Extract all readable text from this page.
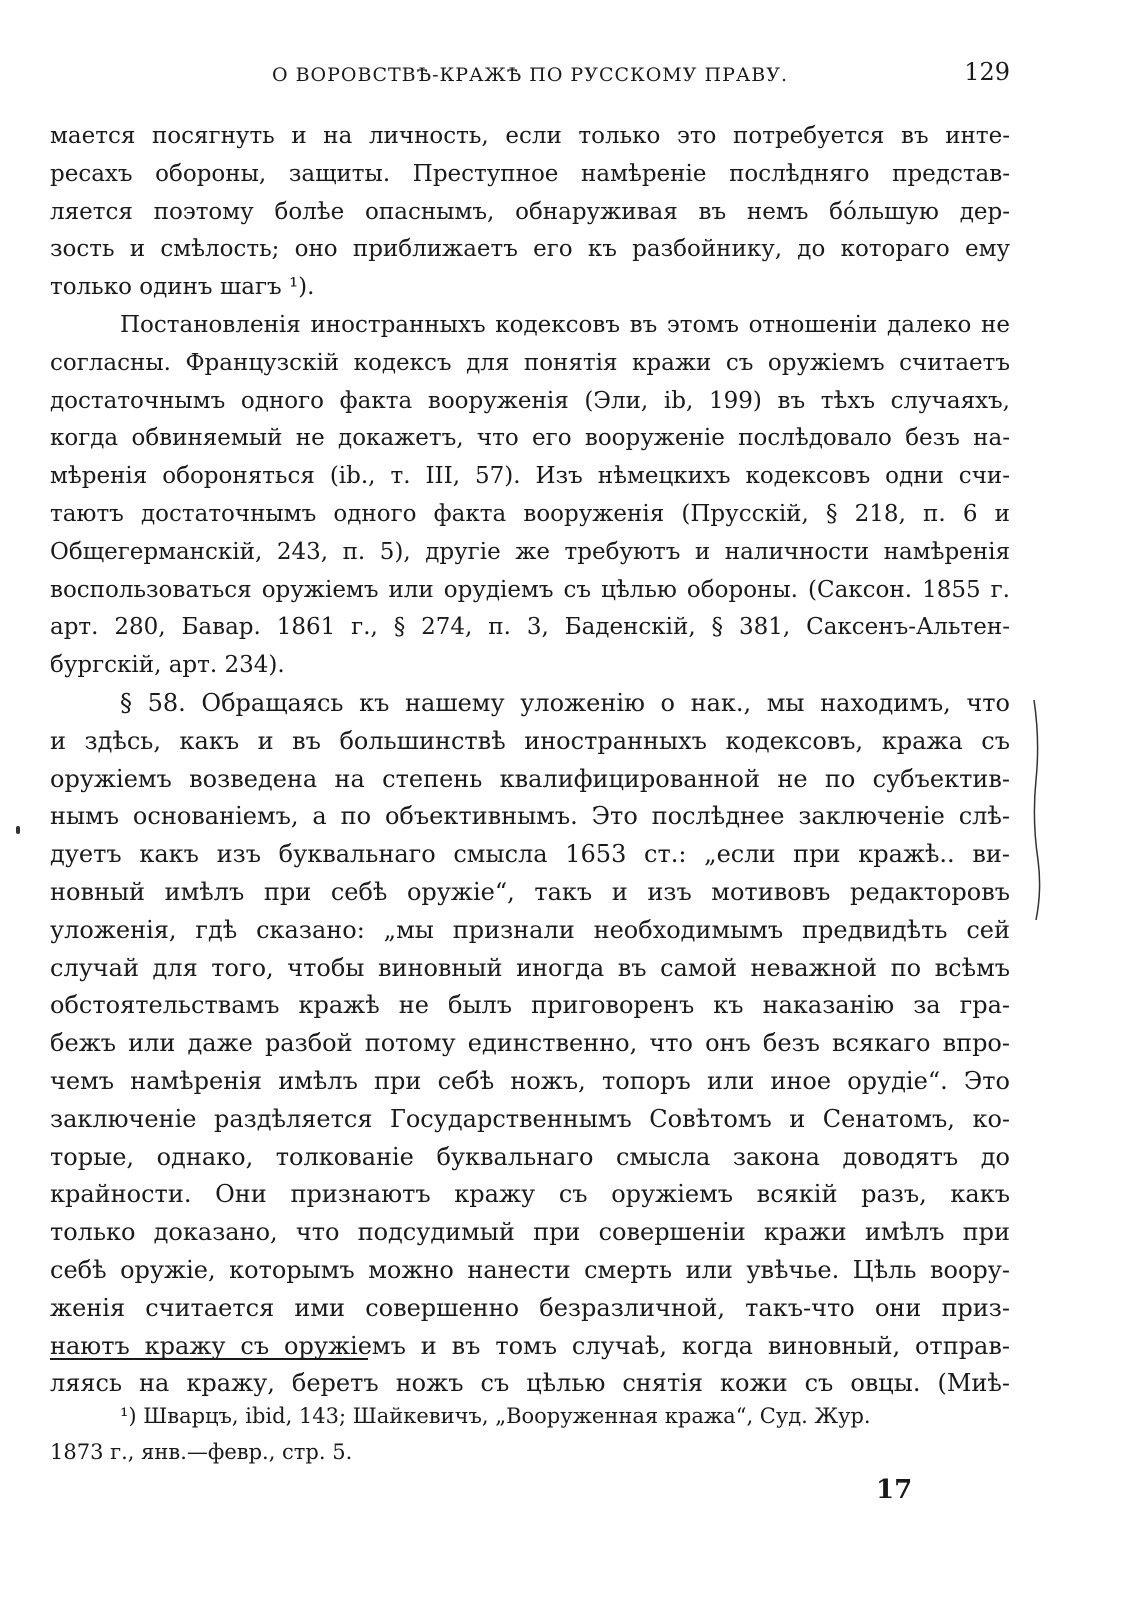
О ВОРОВСТВѢ-КРАЖѢ ПО РУССКОМУ ПРАВУ.	129
мается посягнуть и на личность, если только это потребуется въ инте-
ресахъ обороны, защиты. Преступное намѣреніе послѣдняго представ-
ляется поэтому болѣе опаснымъ, обнаруживая въ немъ бóльшую дер-
зость и смѣлость; оно приближаетъ его къ разбойнику, до котораго ему
только одинъ шагъ ¹).
Постановленія иностранныхъ кодексовъ въ этомъ отношеніи далеко не
согласны. Французскій кодексъ для понятія кражи съ оружіемъ считаетъ
достаточнымъ одного факта вооруженія (Эли, ib, 199) въ тѣхъ случаяхъ,
когда обвиняемый не докажетъ, что его вооруженіе послѣдовало безъ на-
мѣренія обороняться (ib., т. III, 57). Изъ нѣмецкихъ кодексовъ одни счи-
таютъ достаточнымъ одного факта вооруженія (Прусскій, § 218, п. 6 и
Общегерманскій, 243, п. 5), другіе же требуютъ и наличности намѣренія
воспользоваться оружіемъ или орудіемъ съ цѣлью обороны. (Саксон. 1855 г.
арт. 280, Бавар. 1861 г., § 274, п. 3, Баденскій, § 381, Саксенъ-Альтен-
бургскій, арт. 234).
§ 58. Обращаясь къ нашему уложенію о нак., мы находимъ, что
и здѣсь, какъ и въ большинствѣ иностранныхъ кодексовъ, кража съ
оружіемъ возведена на степень квалифицированной не по субъектив-
нымъ основаніемъ, а по объективнымъ. Это послѣднее заключеніе слѣ-
дуетъ какъ изъ буквальнаго смысла 1653 ст.: „если при кражѣ.. ви-
новный имѣлъ при себѣ оружіе“, такъ и изъ мотивовъ редакторовъ
уложенія, гдѣ сказано: „мы признали необходимымъ предвидѣть сей
случай для того, чтобы виновный иногда въ самой неважной по всѣмъ
обстоятельствамъ кражѣ не былъ приговоренъ къ наказанію за гра-
бежъ или даже разбой потому единственно, что онъ безъ всякаго впро-
чемъ намѣренія имѣлъ при себѣ ножъ, топоръ или иное орудіе“. Это
заключеніе раздѣляется Государственнымъ Совѣтомъ и Сенатомъ, ко-
торые, однако, толкованіе буквальнаго смысла закона доводятъ до
крайности. Они признаютъ кражу съ оружіемъ всякій разъ, какъ
только доказано, что подсудимый при совершеніи кражи имѣлъ при
себѣ оружіе, которымъ можно нанести смерть или увѣчье. Цѣль воору-
женія считается ими совершенно безразличной, такъ-что они приз-
наютъ кражу съ оружіемъ и въ томъ случаѣ, когда виновный, отправ-
ляясь на кражу, беретъ ножъ съ цѣлью снятія кожи съ овцы. (Миѣ-
¹) Шварцъ, ibid, 143; Шайкевичъ, „Вооруженная кража“, Суд. Жур.
1873 г., янв.—февр., стр. 5.
17
